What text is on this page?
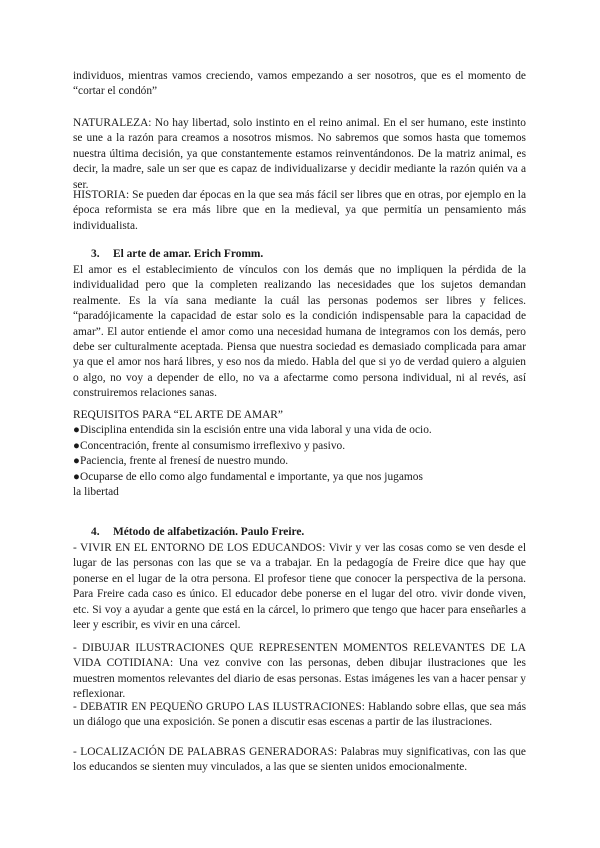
individuos, mientras vamos creciendo, vamos empezando a ser nosotros, que es el momento de “cortar el condón”

NATURALEZA: No hay libertad, solo instinto en el reino animal. En el ser humano, este instinto se une a la razón para creamos a nosotros mismos. No sabremos que somos hasta que tomemos nuestra última decisión, ya que constantemente estamos reinventándonos. De la matriz animal, es decir, la madre, sale un ser que es capaz de individualizarse y decidir mediante la razón quién va a ser.

HISTORIA: Se pueden dar épocas en la que sea más fácil ser libres que en otras, por ejemplo en la época reformista se era más libre que en la medieval, ya que permitía un pensamiento más individualista.

3. El arte de amar. Erich Fromm.

El amor es el establecimiento de vínculos con los demás que no impliquen la pérdida de la individualidad pero que la completen realizando las necesidades que los sujetos demandan realmente. Es la vía sana mediante la cuál las personas podemos ser libres y felices. “paradójicamente la capacidad de estar solo es la condición indispensable para la capacidad de amar”. El autor entiende el amor como una necesidad humana de integramos con los demás, pero debe ser culturalmente aceptada. Piensa que nuestra sociedad es demasiado complicada para amar ya que el amor nos hará libres, y eso nos da miedo. Habla del que si yo de verdad quiero a alguien o algo, no voy a depender de ello, no va a afectarme como persona individual, ni al revés, así construiremos relaciones sanas.

REQUISITOS PARA “EL ARTE DE AMAR”

●Disciplina entendida sin la escisión entre una vida laboral y una vida de ocio.

●Concentración, frente al consumismo irreflexivo y pasivo.

●Paciencia, frente al frenesí de nuestro mundo.

●Ocuparse de ello como algo fundamental e importante, ya que nos jugamos la libertad

4. Método de alfabetización. Paulo Freire.

- VIVIR EN EL ENTORNO DE LOS EDUCANDOS: Vivir y ver las cosas como se ven desde el lugar de las personas con las que se va a trabajar. En la pedagogía de Freire dice que hay que ponerse en el lugar de la otra persona. El profesor tiene que conocer la perspectiva de la persona. Para Freire cada caso es único. El educador debe ponerse en el lugar del otro. vivir donde viven, etc. Si voy a ayudar a gente que está en la cárcel, lo primero que tengo que hacer para enseñarles a leer y escribir, es vivir en una cárcel.

- DIBUJAR ILUSTRACIONES QUE REPRESENTEN MOMENTOS RELEVANTES DE LA VIDA COTIDIANA: Una vez convive con las personas, deben dibujar ilustraciones que les muestren momentos relevantes del diario de esas personas. Estas imágenes les van a hacer pensar y reflexionar.

- DEBATIR EN PEQUEÑO GRUPO LAS ILUSTRACIONES: Hablando sobre ellas, que sea más un diálogo que una exposición. Se ponen a discutir esas escenas a partir de las ilustraciones.

- LOCALIZACIÓN DE PALABRAS GENERADORAS: Palabras muy significativas, con las que los educandos se sienten muy vinculados, a las que se sienten unidos emocionalmente.
